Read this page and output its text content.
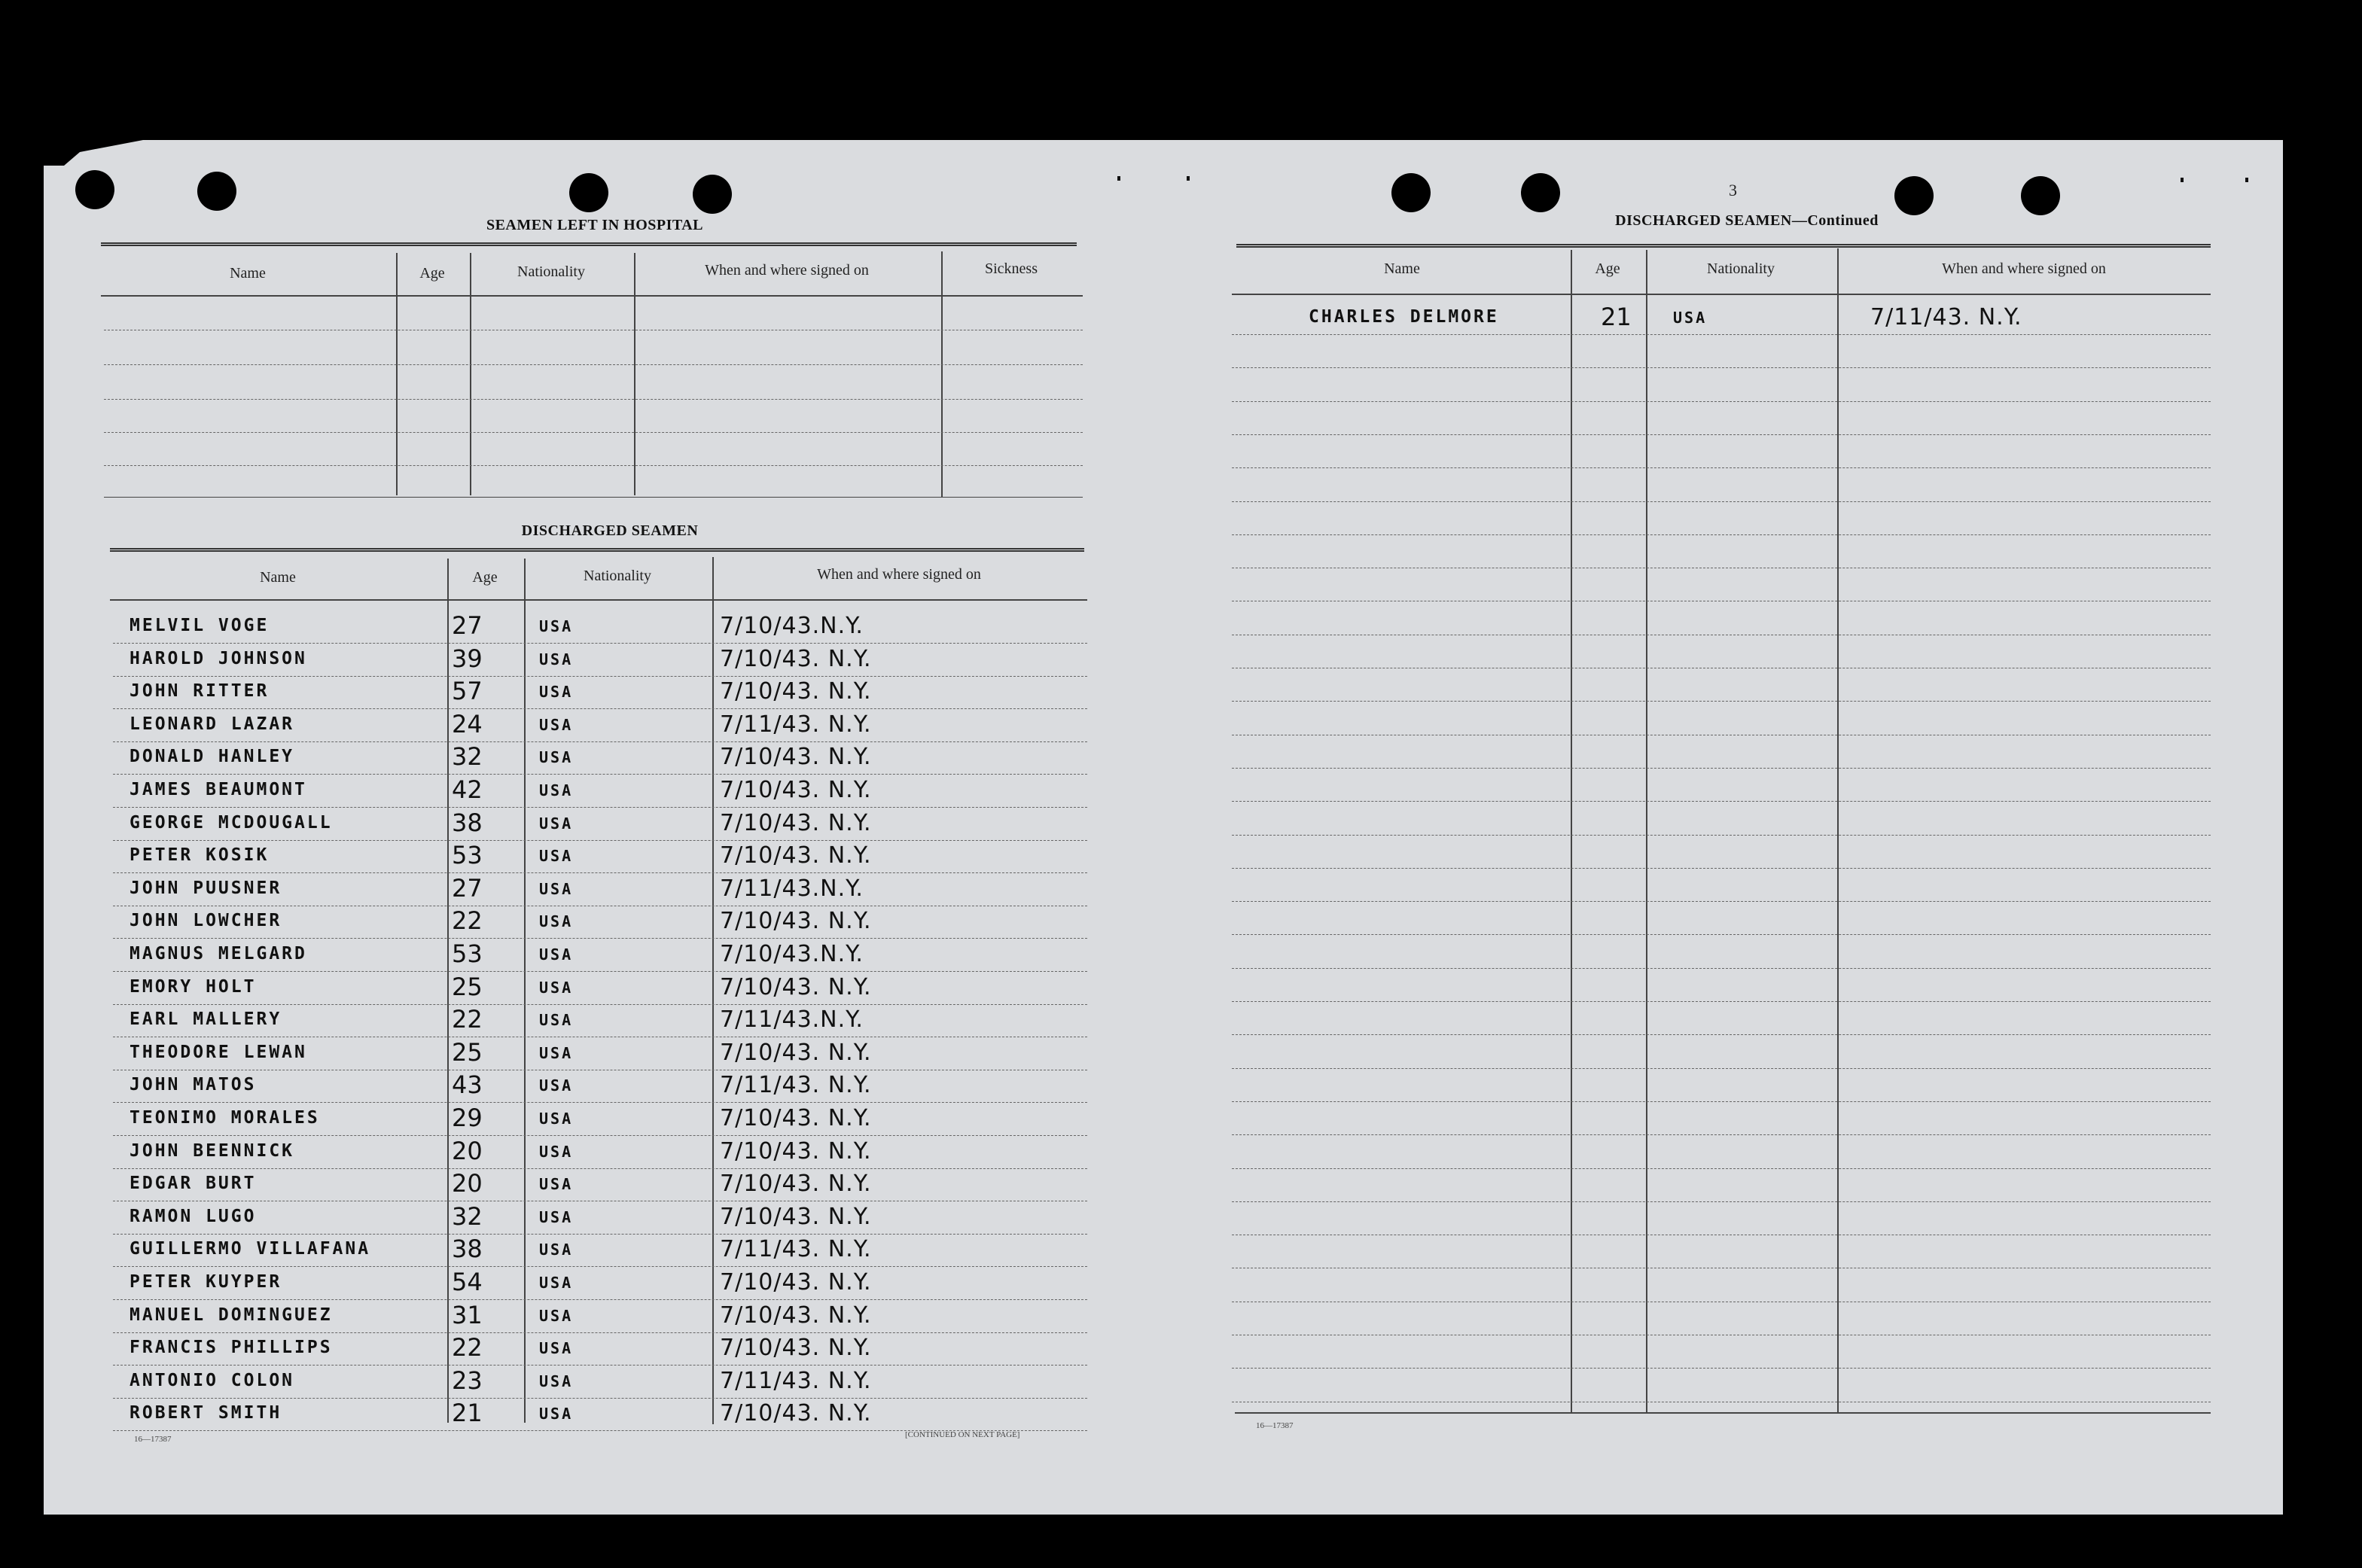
3
SEAMEN LEFT IN HOSPITAL
Name	Age	Nationality	When and where signed on	Sickness
DISCHARGED SEAMEN
Name	Age	Nationality	When and where signed on
MELVIL VOGE	27	USA	7/10/43.N.Y.
HAROLD JOHNSON	39	USA	7/10/43. N.Y.
JOHN RITTER	57	USA	7/10/43. N.Y.
LEONARD LAZAR	24	USA	7/11/43. N.Y.
DONALD HANLEY	32	USA	7/10/43. N.Y.
JAMES BEAUMONT	42	USA	7/10/43. N.Y.
GEORGE MCDOUGALL	38	USA	7/10/43. N.Y.
PETER KOSIK	53	USA	7/10/43. N.Y.
JOHN PUUSNER	27	USA	7/11/43.N.Y.
JOHN LOWCHER	22	USA	7/10/43. N.Y.
MAGNUS MELGARD	53	USA	7/10/43.N.Y.
EMORY HOLT	25	USA	7/10/43. N.Y.
EARL MALLERY	22	USA	7/11/43.N.Y.
THEODORE LEWAN	25	USA	7/10/43. N.Y.
JOHN MATOS	43	USA	7/11/43. N.Y.
TEONIMO MORALES	29	USA	7/10/43. N.Y.
JOHN BEENNICK	20	USA	7/10/43. N.Y.
EDGAR BURT	20	USA	7/10/43. N.Y.
RAMON LUGO	32	USA	7/10/43. N.Y.
GUILLERMO VILLAFANA	38	USA	7/11/43. N.Y.
PETER KUYPER	54	USA	7/10/43. N.Y.
MANUEL DOMINGUEZ	31	USA	7/10/43. N.Y.
FRANCIS PHILLIPS	22	USA	7/10/43. N.Y.
ANTONIO COLON	23	USA	7/11/43. N.Y.
ROBERT SMITH	21	USA	7/10/43. N.Y.
16—17387	[CONTINUED ON NEXT PAGE]
DISCHARGED SEAMEN—Continued
Name	Age	Nationality	When and where signed on
CHARLES DELMORE	21	USA	7/11/43. N.Y.
16—17387
